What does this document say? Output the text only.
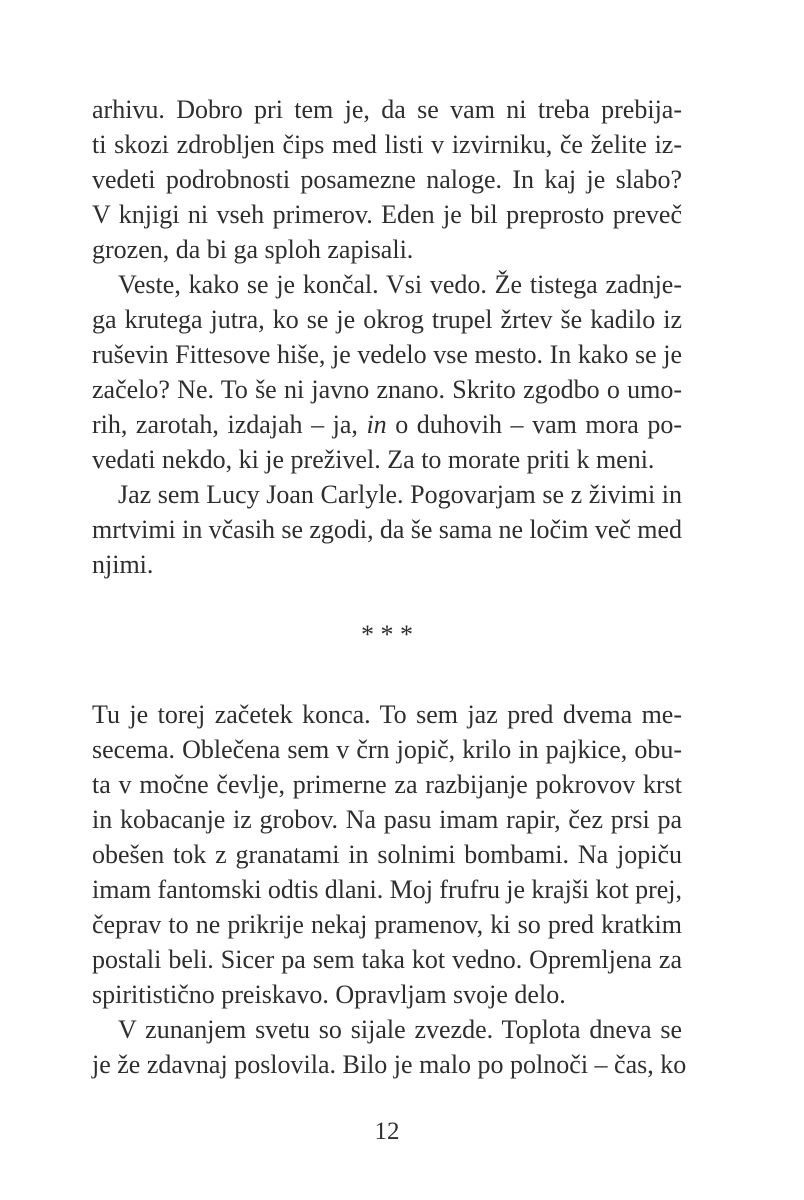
arhivu. Dobro pri tem je, da se vam ni treba prebija-
ti skozi zdrobljen čips med listi v izvirniku, če želite iz-
vedeti podrobnosti posamezne naloge. In kaj je slabo?
V knjigi ni vseh primerov. Eden je bil preprosto preveč
grozen, da bi ga sploh zapisali.
Veste, kako se je končal. Vsi vedo. Že tistega zadnje-
ga krutega jutra, ko se je okrog trupel žrtev še kadilo iz
ruševin Fittesove hiše, je vedelo vse mesto. In kako se je
začelo? Ne. To še ni javno znano. Skrito zgodbo o umo-
rih, zarotah, izdajah – ja, in o duhovih – vam mora po-
vedati nekdo, ki je preživel. Za to morate priti k meni.
Jaz sem Lucy Joan Carlyle. Pogovarjam se z živimi in
mrtvimi in včasih se zgodi, da še sama ne ločim več med
njimi.
* * *
Tu je torej začetek konca. To sem jaz pred dvema me-
secema. Oblečena sem v črn jopič, krilo in pajkice, obu-
ta v močne čevlje, primerne za razbijanje pokrovov krst
in kobacanje iz grobov. Na pasu imam rapir, čez prsi pa
obešen tok z granatami in solnimi bombami. Na jopiču
imam fantomski odtis dlani. Moj frufru je krajši kot prej,
čeprav to ne prikrije nekaj pramenov, ki so pred kratkim
postali beli. Sicer pa sem taka kot vedno. Opremljena za
spiritistično preiskavo. Opravljam svoje delo.
V zunanjem svetu so sijale zvezde. Toplota dneva se
je že zdavnaj poslovila. Bilo je malo po polnoči – čas, ko
12
